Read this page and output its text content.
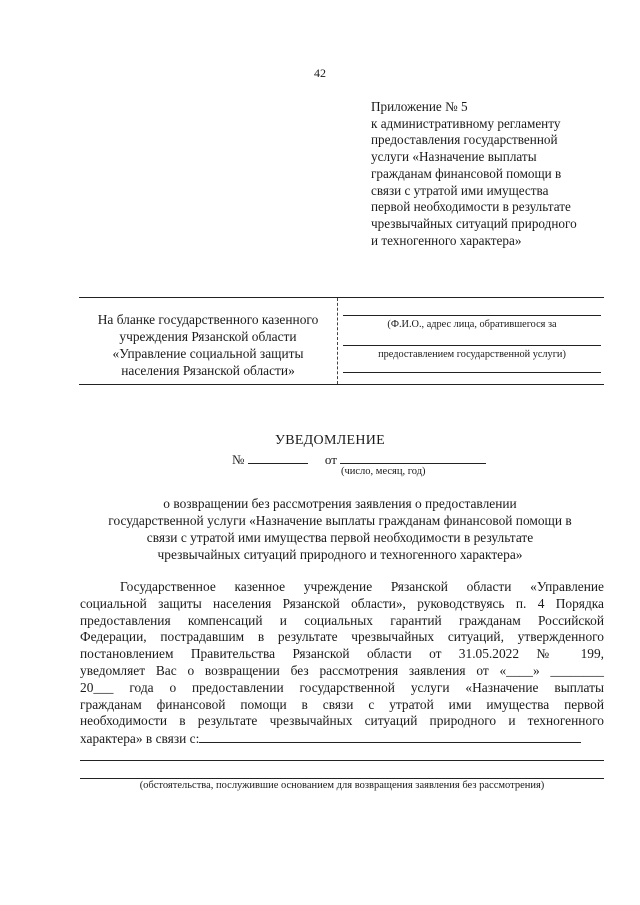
42
Приложение № 5
к административному регламенту
предоставления государственной
услуги «Назначение выплаты
гражданам финансовой помощи в
связи с утратой ими имущества
первой необходимости в результате
чрезвычайных ситуаций природного
и техногенного характера»
На бланке государственного казенного
учреждения Рязанской области
«Управление социальной защиты
населения Рязанской области»
(Ф.И.О., адрес лица, обратившегося за
предоставлением государственной услуги)
УВЕДОМЛЕНИЕ
№	от
(число, месяц, год)
о возвращении без рассмотрения заявления о предоставлении
государственной услуги «Назначение выплаты гражданам финансовой помощи в
связи с утратой ими имущества первой необходимости в результате
чрезвычайных ситуаций природного и техногенного характера»
Государственное казенное учреждение Рязанской области «Управление
социальной защиты населения Рязанской области», руководствуясь п. 4 Порядка
предоставления компенсаций и социальных гарантий гражданам Российской
Федерации, пострадавшим в результате чрезвычайных ситуаций, утвержденного
постановлением Правительства Рязанской области от 31.05.2022 № 199,
уведомляет Вас о возвращении без рассмотрения заявления от «____» ________
20___ года о предоставлении государственной услуги «Назначение выплаты
гражданам финансовой помощи в связи с утратой ими имущества первой
необходимости в результате чрезвычайных ситуаций природного и техногенного
характера» в связи с:
(обстоятельства, послужившие основанием для возвращения заявления без рассмотрения)
